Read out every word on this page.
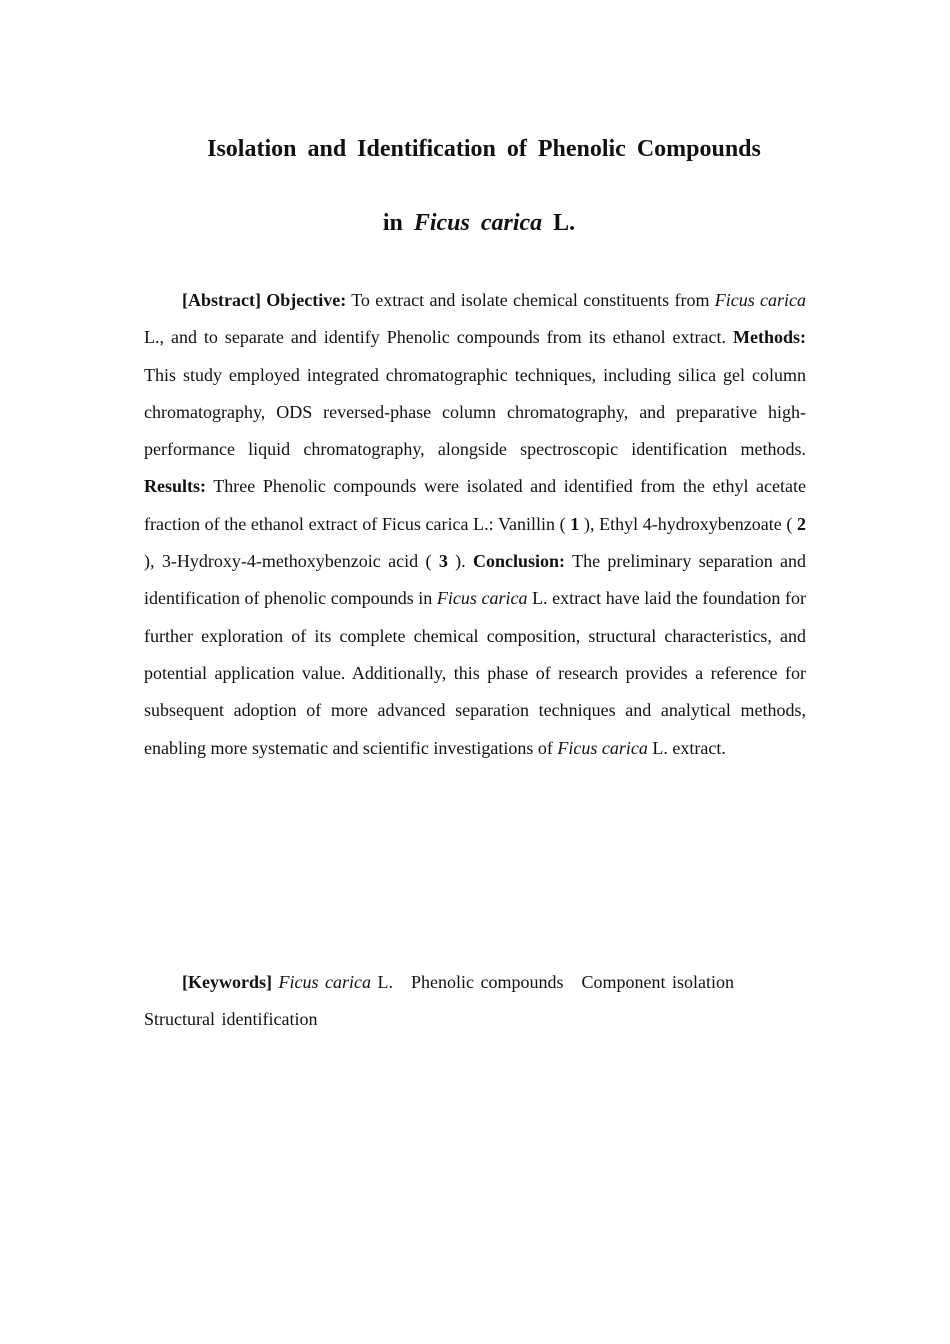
Isolation and Identification of Phenolic Compounds
in Ficus carica L.

[Abstract] Objective: To extract and isolate chemical constituents from Ficus carica L., and to separate and identify Phenolic compounds from its ethanol extract. Methods: This study employed integrated chromatographic techniques, including silica gel column chromatography, ODS reversed-phase column chromatography, and preparative high-performance liquid chromatography, alongside spectroscopic identification methods. Results: Three Phenolic compounds were isolated and identified from the ethyl acetate fraction of the ethanol extract of Ficus carica L.: Vanillin ( 1 ), Ethyl 4-hydroxybenzoate ( 2 ), 3-Hydroxy-4-methoxybenzoic acid ( 3 ). Conclusion: The preliminary separation and identification of phenolic compounds in Ficus carica L. extract have laid the foundation for further exploration of its complete chemical composition, structural characteristics, and potential application value. Additionally, this phase of research provides a reference for subsequent adoption of more advanced separation techniques and analytical methods, enabling more systematic and scientific investigations of Ficus carica L. extract.

[Keywords] Ficus carica L. Phenolic compounds Component isolation Structural identification
